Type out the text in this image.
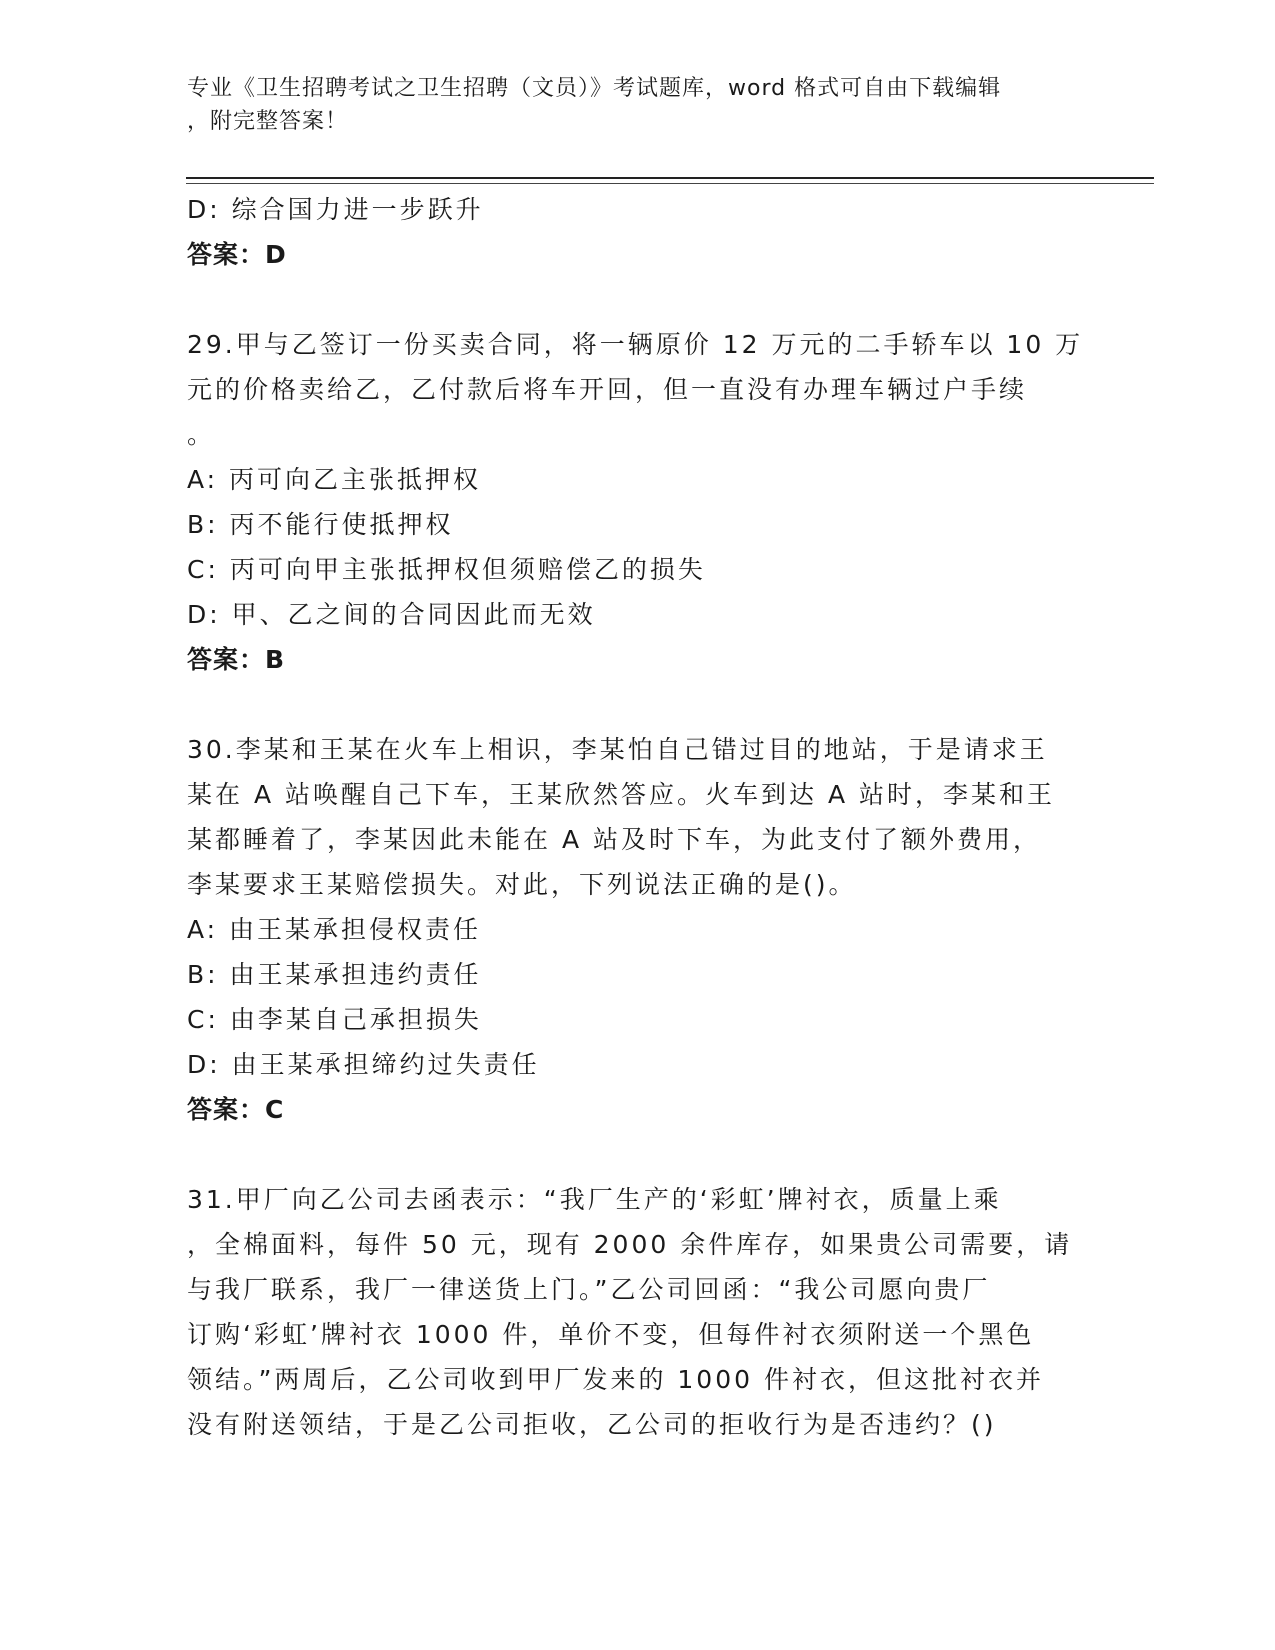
专业《卫生招聘考试之卫生招聘（文员）》考试题库，word 格式可自由下载编辑
，附完整答案！
D: 综合国力进一步跃升
答案：D
29.甲与乙签订一份买卖合同，将一辆原价 12 万元的二手轿车以 10 万
元的价格卖给乙，乙付款后将车开回，但一直没有办理车辆过户手续
。
A: 丙可向乙主张抵押权
B: 丙不能行使抵押权
C: 丙可向甲主张抵押权但须赔偿乙的损失
D: 甲、乙之间的合同因此而无效
答案：B
30.李某和王某在火车上相识，李某怕自己错过目的地站，于是请求王
某在 A 站唤醒自己下车，王某欣然答应。火车到达 A 站时，李某和王
某都睡着了，李某因此未能在 A 站及时下车，为此支付了额外费用，
李某要求王某赔偿损失。对此，下列说法正确的是()。
A: 由王某承担侵权责任
B: 由王某承担违约责任
C: 由李某自己承担损失
D: 由王某承担缔约过失责任
答案：C
31.甲厂向乙公司去函表示：“我厂生产的‘彩虹’牌衬衣，质量上乘
，全棉面料，每件 50 元，现有 2000 余件库存，如果贵公司需要，请
与我厂联系，我厂一律送货上门。”乙公司回函：“我公司愿向贵厂
订购‘彩虹’牌衬衣 1000 件，单价不变，但每件衬衣须附送一个黑色
领结。”两周后，乙公司收到甲厂发来的 1000 件衬衣，但这批衬衣并
没有附送领结，于是乙公司拒收，乙公司的拒收行为是否违约？()
